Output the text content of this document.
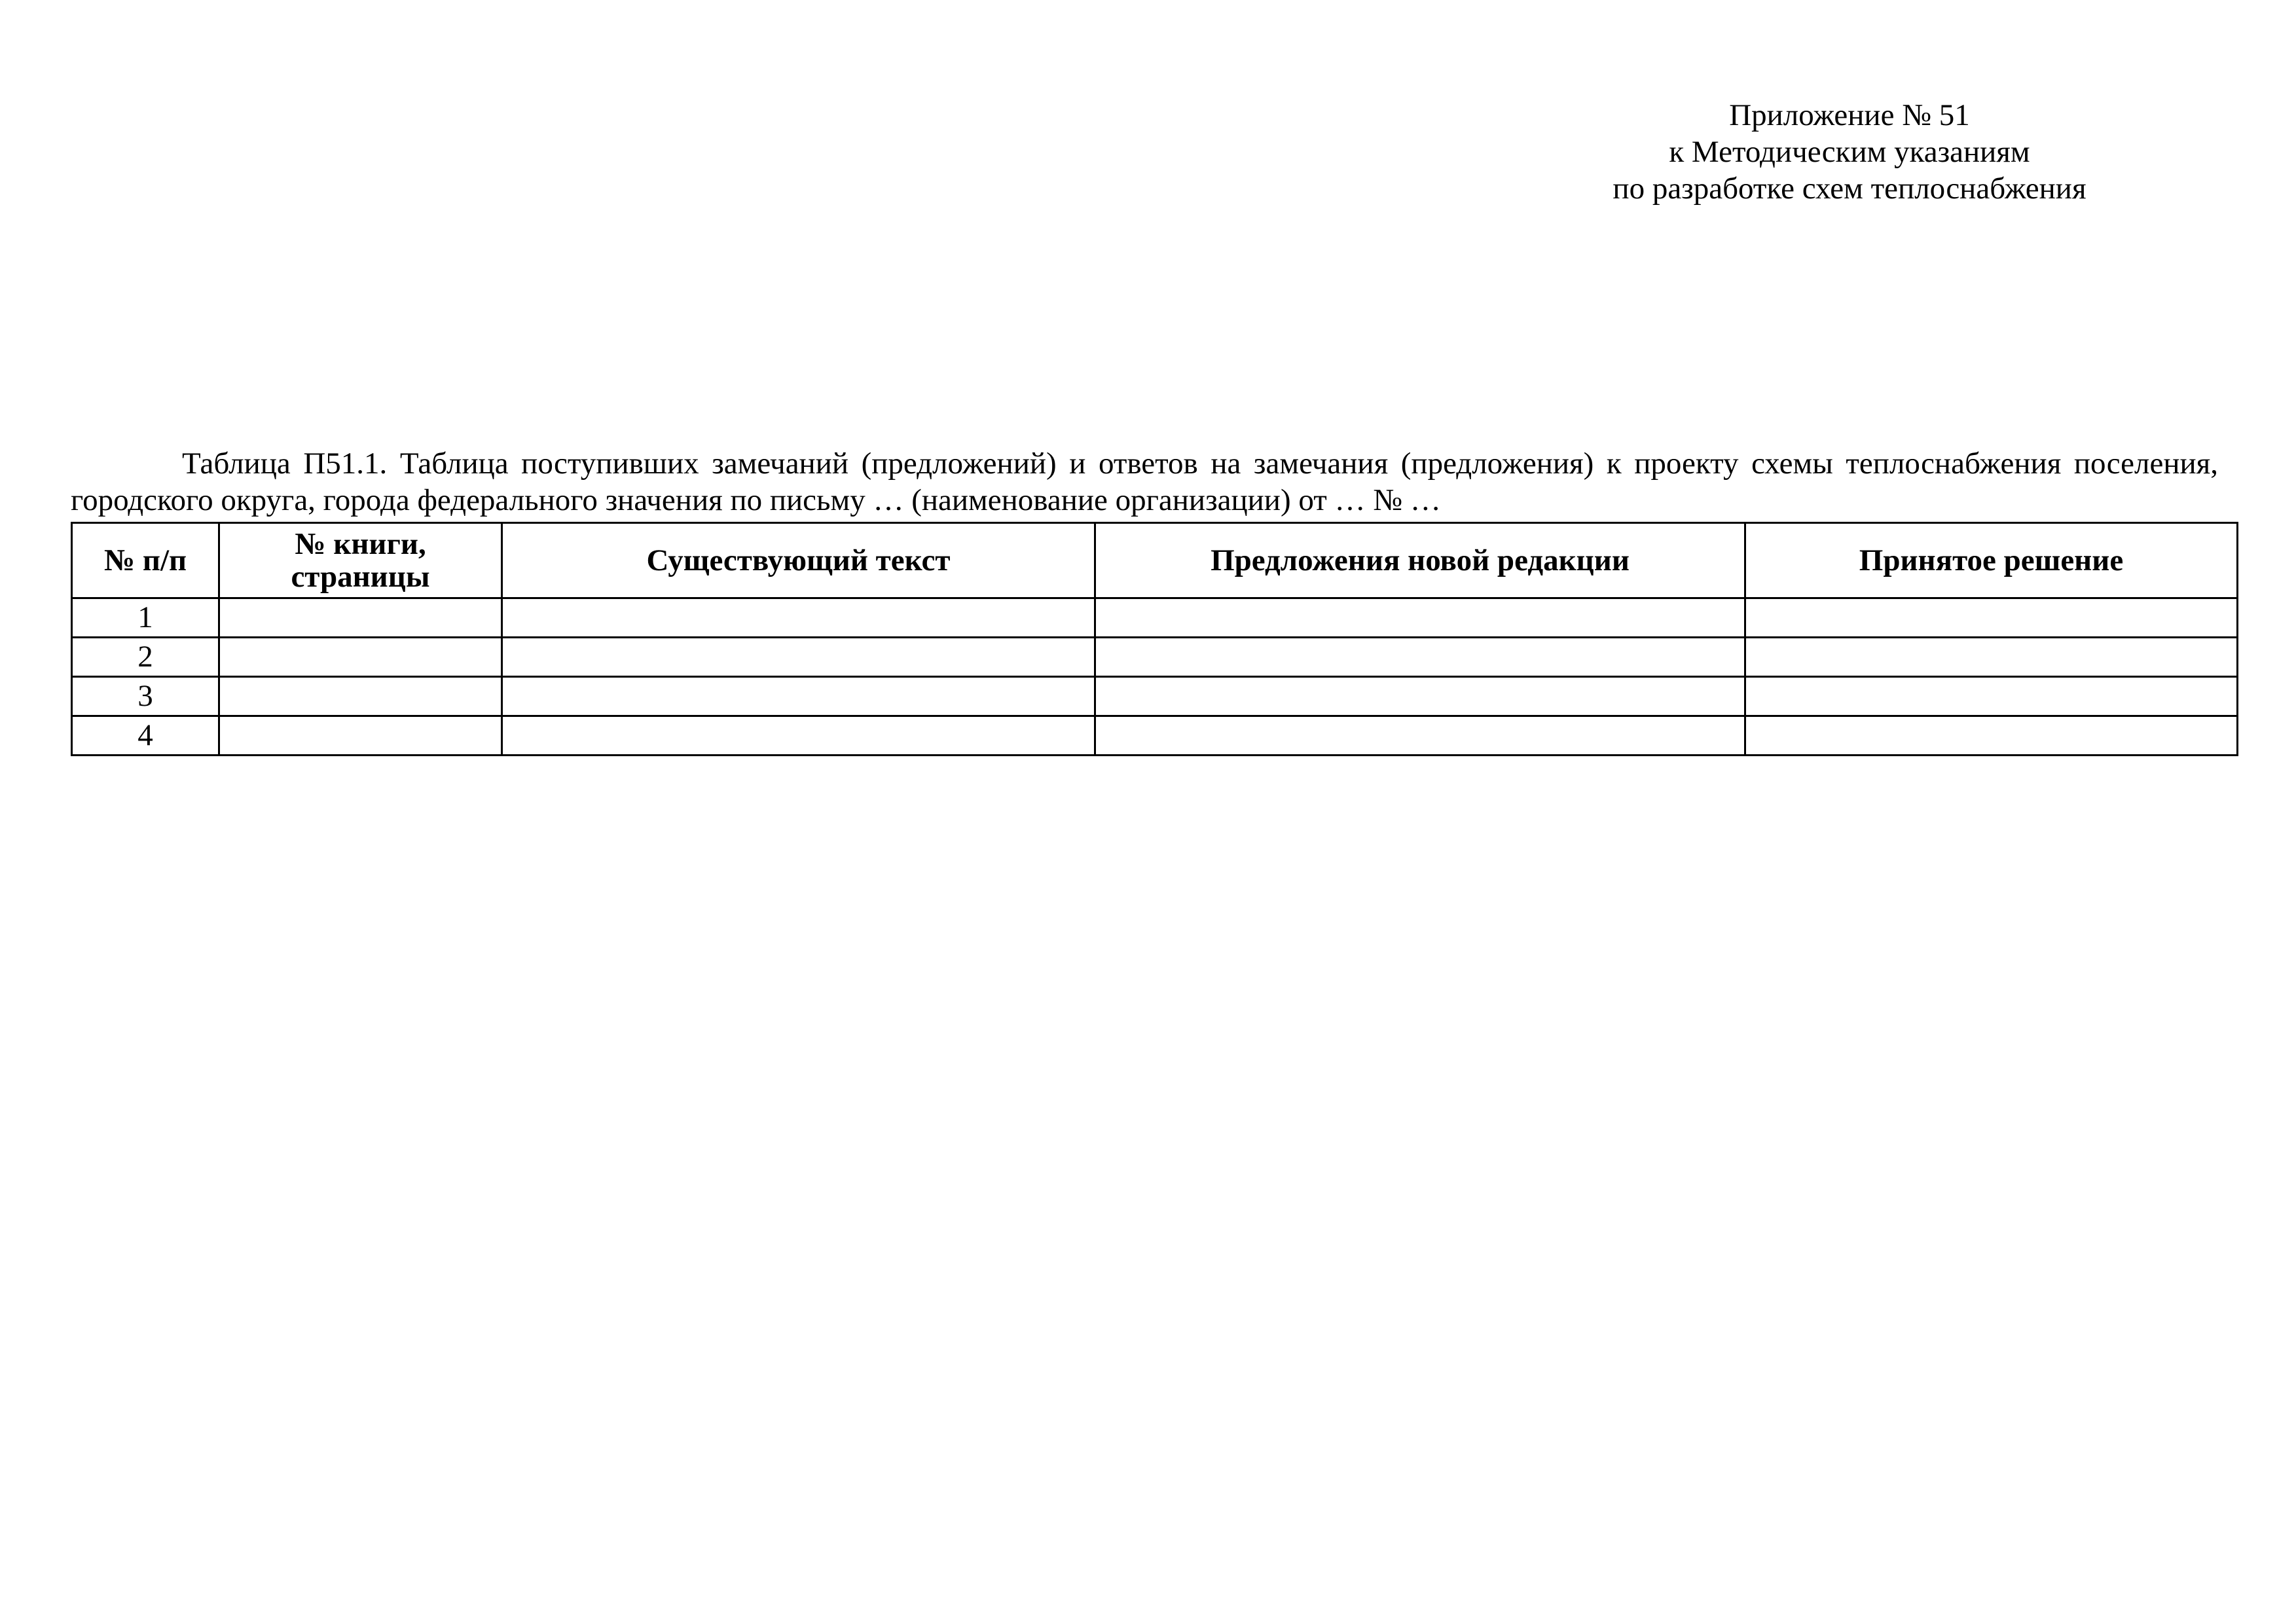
Приложение № 51
к Методическим указаниям
по разработке схем теплоснабжения
Таблица П51.1. Таблица поступивших замечаний (предложений) и ответов на замечания (предложения) к проекту схемы теплоснабжения поселения, городского округа, города федерального значения по письму … (наименование организации) от … № …
№ п/п	№ книги, страницы	Существующий текст	Предложения новой редакции	Принятое решение
1				
2				
3				
4				
